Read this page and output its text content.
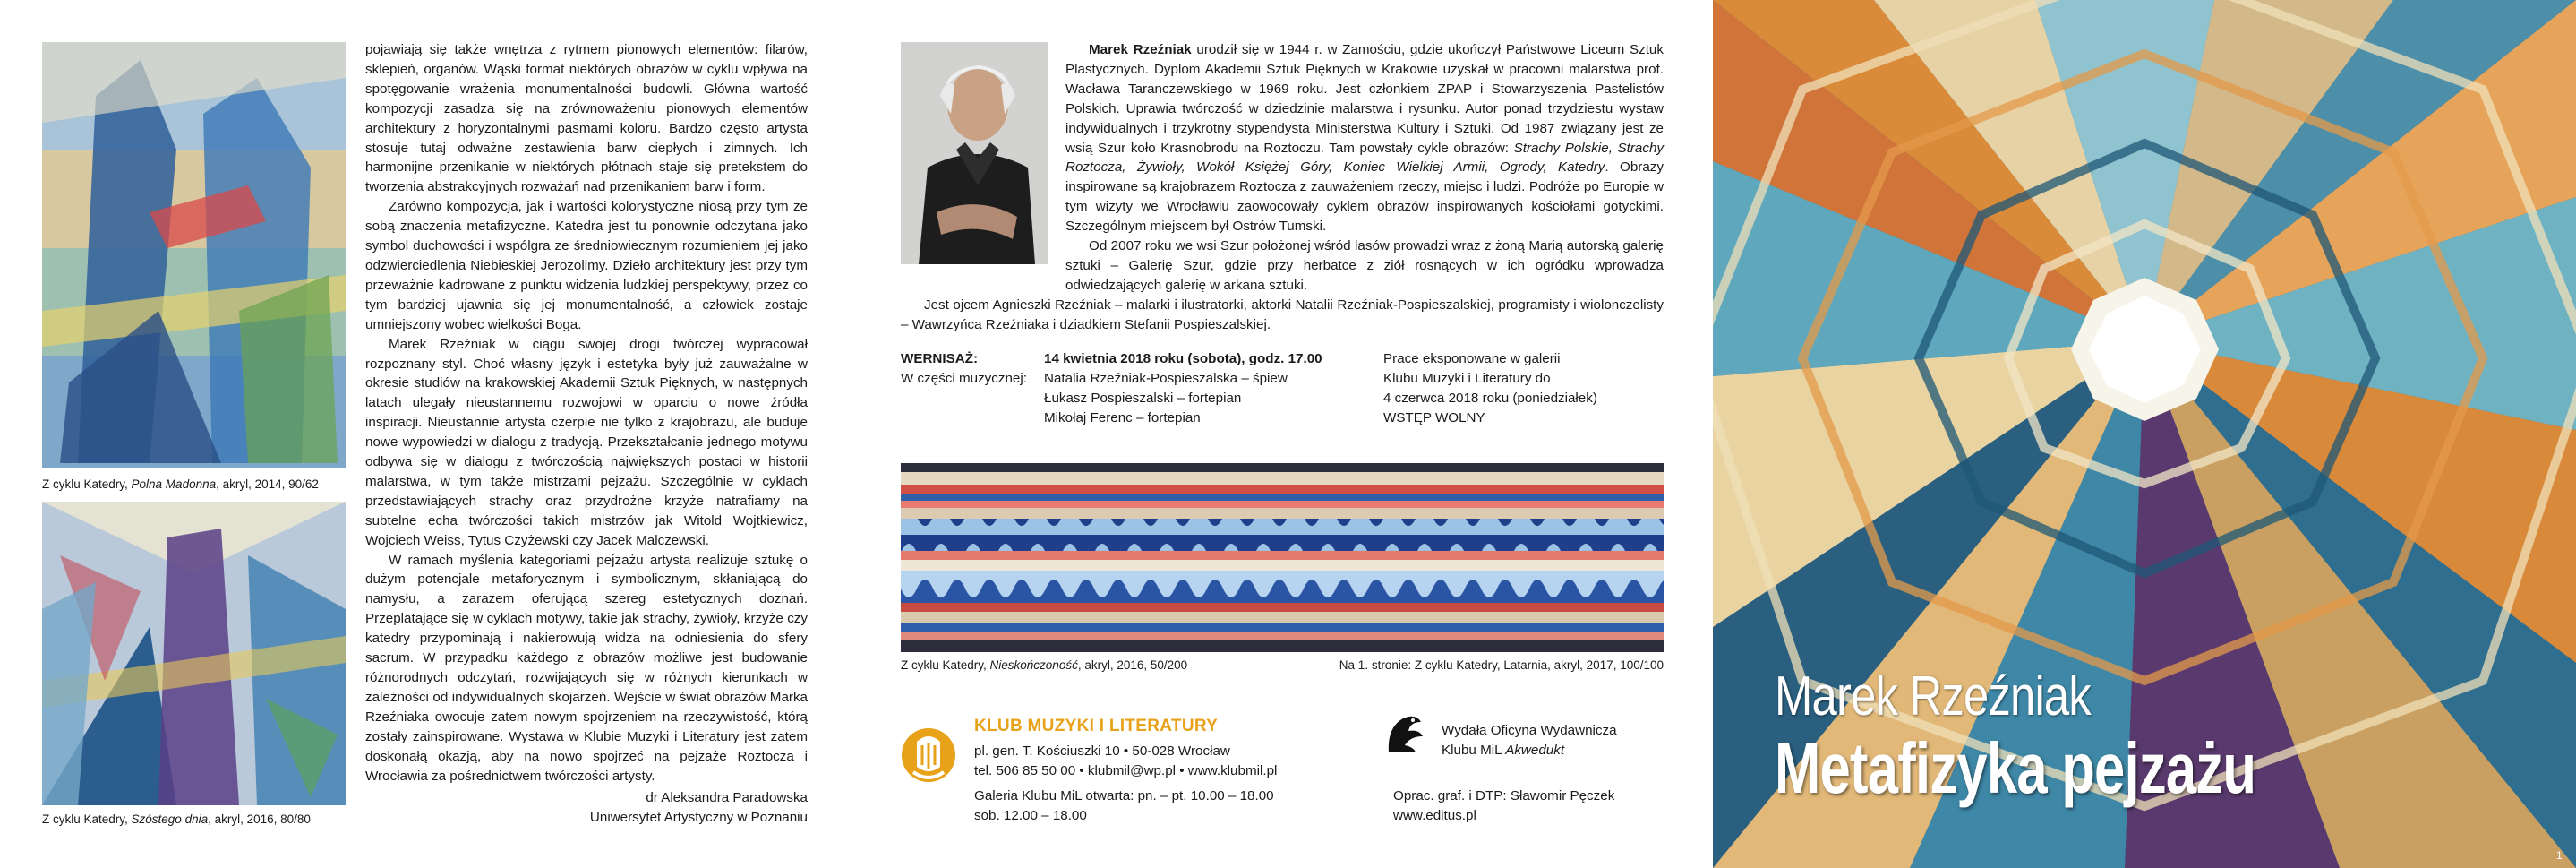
Z cyklu Katedry, Polna Madonna, akryl, 2014, 90/62
Z cyklu Katedry, Szóstego dnia, akryl, 2016, 80/80

pojawiają się także wnętrza z rytmem pionowych elementów: filarów, sklepień, organów. Wąski format niektórych obrazów w cyklu wpływa na spotęgowanie wrażenia monumentalności budowli. Główna wartość kompozycji zasadza się na zrównoważeniu pionowych elementów architektury z horyzontalnymi pasmami koloru. Bardzo często artysta stosuje tutaj odważne zestawienia barw ciepłych i zimnych. Ich harmonijne przenikanie w niektórych płótnach staje się pretekstem do tworzenia abstrakcyjnych rozważań nad przenikaniem barw i form.

Zarówno kompozycja, jak i wartości kolorystyczne niosą przy tym ze sobą znaczenia metafizyczne. Katedra jest tu ponownie odczytana jako symbol duchowości i wspólgra ze średniowiecznym rozumieniem jej jako odzwierciedlenia Niebieskiej Jerozolimy. Dzieło architektury jest przy tym przeważnie kadrowane z punktu widzenia ludzkiej perspektywy, przez co tym bardziej ujawnia się jej monumentalność, a człowiek zostaje umniejszony wobec wielkości Boga.

Marek Rzeźniak w ciągu swojej drogi twórczej wypracował rozpoznany styl. Choć własny język i estetyka były już zauważalne w okresie studiów na krakowskiej Akademii Sztuk Pięknych, w następnych latach ulegały nieustannemu rozwojowi w oparciu o nowe źródła inspiracji. Nieustannie artysta czerpie nie tylko z krajobrazu, ale buduje nowe wypowiedzi w dialogu z tradycją. Przekształcanie jednego motywu odbywa się w dialogu z twórczością największych postaci w historii malarstwa, w tym także mistrzami pejzażu. Szczególnie w cyklach przedstawiających strachy oraz przydrożne krzyże natrafiamy na subtelne echa twórczości takich mistrzów jak Witold Wojtkiewicz, Wojciech Weiss, Tytus Czyżewski czy Jacek Malczewski.

W ramach myślenia kategoriami pejzażu artysta realizuje sztukę o dużym potencjale metaforycznym i symbolicznym, skłaniającą do namysłu, a zarazem oferującą szereg estetycznych doznań. Przeplatające się w cyklach motywy, takie jak strachy, żywioły, krzyże czy katedry przypominają i nakierowują widza na odniesienia do sfery sacrum. W przypadku każdego z obrazów możliwe jest budowanie różnorodnych odczytań, rozwijających się w różnych kierunkach w zależności od indywidualnych skojarzeń. Wejście w świat obrazów Marka Rzeźniaka owocuje zatem nowym spojrzeniem na rzeczywistość, którą zostały zainspirowane. Wystawa w Klubie Muzyki i Literatury jest zatem doskonałą okazją, aby na nowo spojrzeć na pejzaże Roztocza i Wrocławia za pośrednictwem twórczości artysty.

dr Aleksandra Paradowska
Uniwersytet Artystyczny w Poznaniu

Marek Rzeźniak urodził się w 1944 r. w Zamościu, gdzie ukończył Państwowe Liceum Sztuk Plastycznych. Dyplom Akademii Sztuk Pięknych w Krakowie uzyskał w pracowni malarstwa prof. Wacława Taranczewskiego w 1969 roku. Jest członkiem ZPAP i Stowarzyszenia Pastelistów Polskich. Uprawia twórczość w dziedzinie malarstwa i rysunku. Autor ponad trzydziestu wystaw indywidualnych i trzykrotny stypendysta Ministerstwa Kultury i Sztuki. Od 1987 związany jest ze wsią Szur koło Krasnobrodu na Roztoczu. Tam powstały cykle obrazów: Strachy Polskie, Strachy Roztocza, Żywioły, Wokół Księżej Góry, Koniec Wielkiej Armii, Ogrody, Katedry. Obrazy inspirowane są krajobrazem Roztocza z zauważeniem rzeczy, miejsc i ludzi. Podróże po Europie w tym wizyty we Wrocławiu zaowocowały cyklem obrazów inspirowanych kościołami gotyckimi. Szczególnym miejscem był Ostrów Tumski.

Od 2007 roku we wsi Szur położonej wśród lasów prowadzi wraz z żoną Marią autorską galerię sztuki – Galerię Szur, gdzie przy herbatce z ziół rosnących w ich ogródku wprowadza odwiedzających galerię w arkana sztuki.

Jest ojcem Agnieszki Rzeźniak – malarki i ilustratorki, aktorki Natalii Rzeźniak-Pospieszalskiej, programisty i wiolonczelisty – Wawrzyńca Rzeźniaka i dziadkiem Stefanii Pospieszalskiej.

WERNISAŻ:
W części muzycznej:
14 kwietnia 2018 roku (sobota), godz. 17.00
Natalia Rzeźniak-Pospieszalska – śpiew
Łukasz Pospieszalski – fortepian
Mikołaj Ferenc – fortepian
Prace eksponowane w galerii
Klubu Muzyki i Literatury do
4 czerwca 2018 roku (poniedziałek)
WSTĘP WOLNY
Z cyklu Katedry, Nieskończoność, akryl, 2016, 50/200	Na 1. stronie: Z cyklu Katedry, Latarnia, akryl, 2017, 100/100
KLUB MUZYKI I LITERATURY
pl. gen. T. Kościuszki 10 • 50-028 Wrocław
tel. 506 85 50 00 • klubmil@wp.pl • www.klubmil.pl
Galeria Klubu MiL otwarta: pn. – pt. 10.00 – 18.00
sob. 12.00 – 18.00
Wydała Oficyna Wydawnicza
Klubu MiL Akwedukt
Oprac. graf. i DTP: Sławomir Pęczek
www.editus.pl
Marek Rzeźniak
Metafizyka pejzażu
1
